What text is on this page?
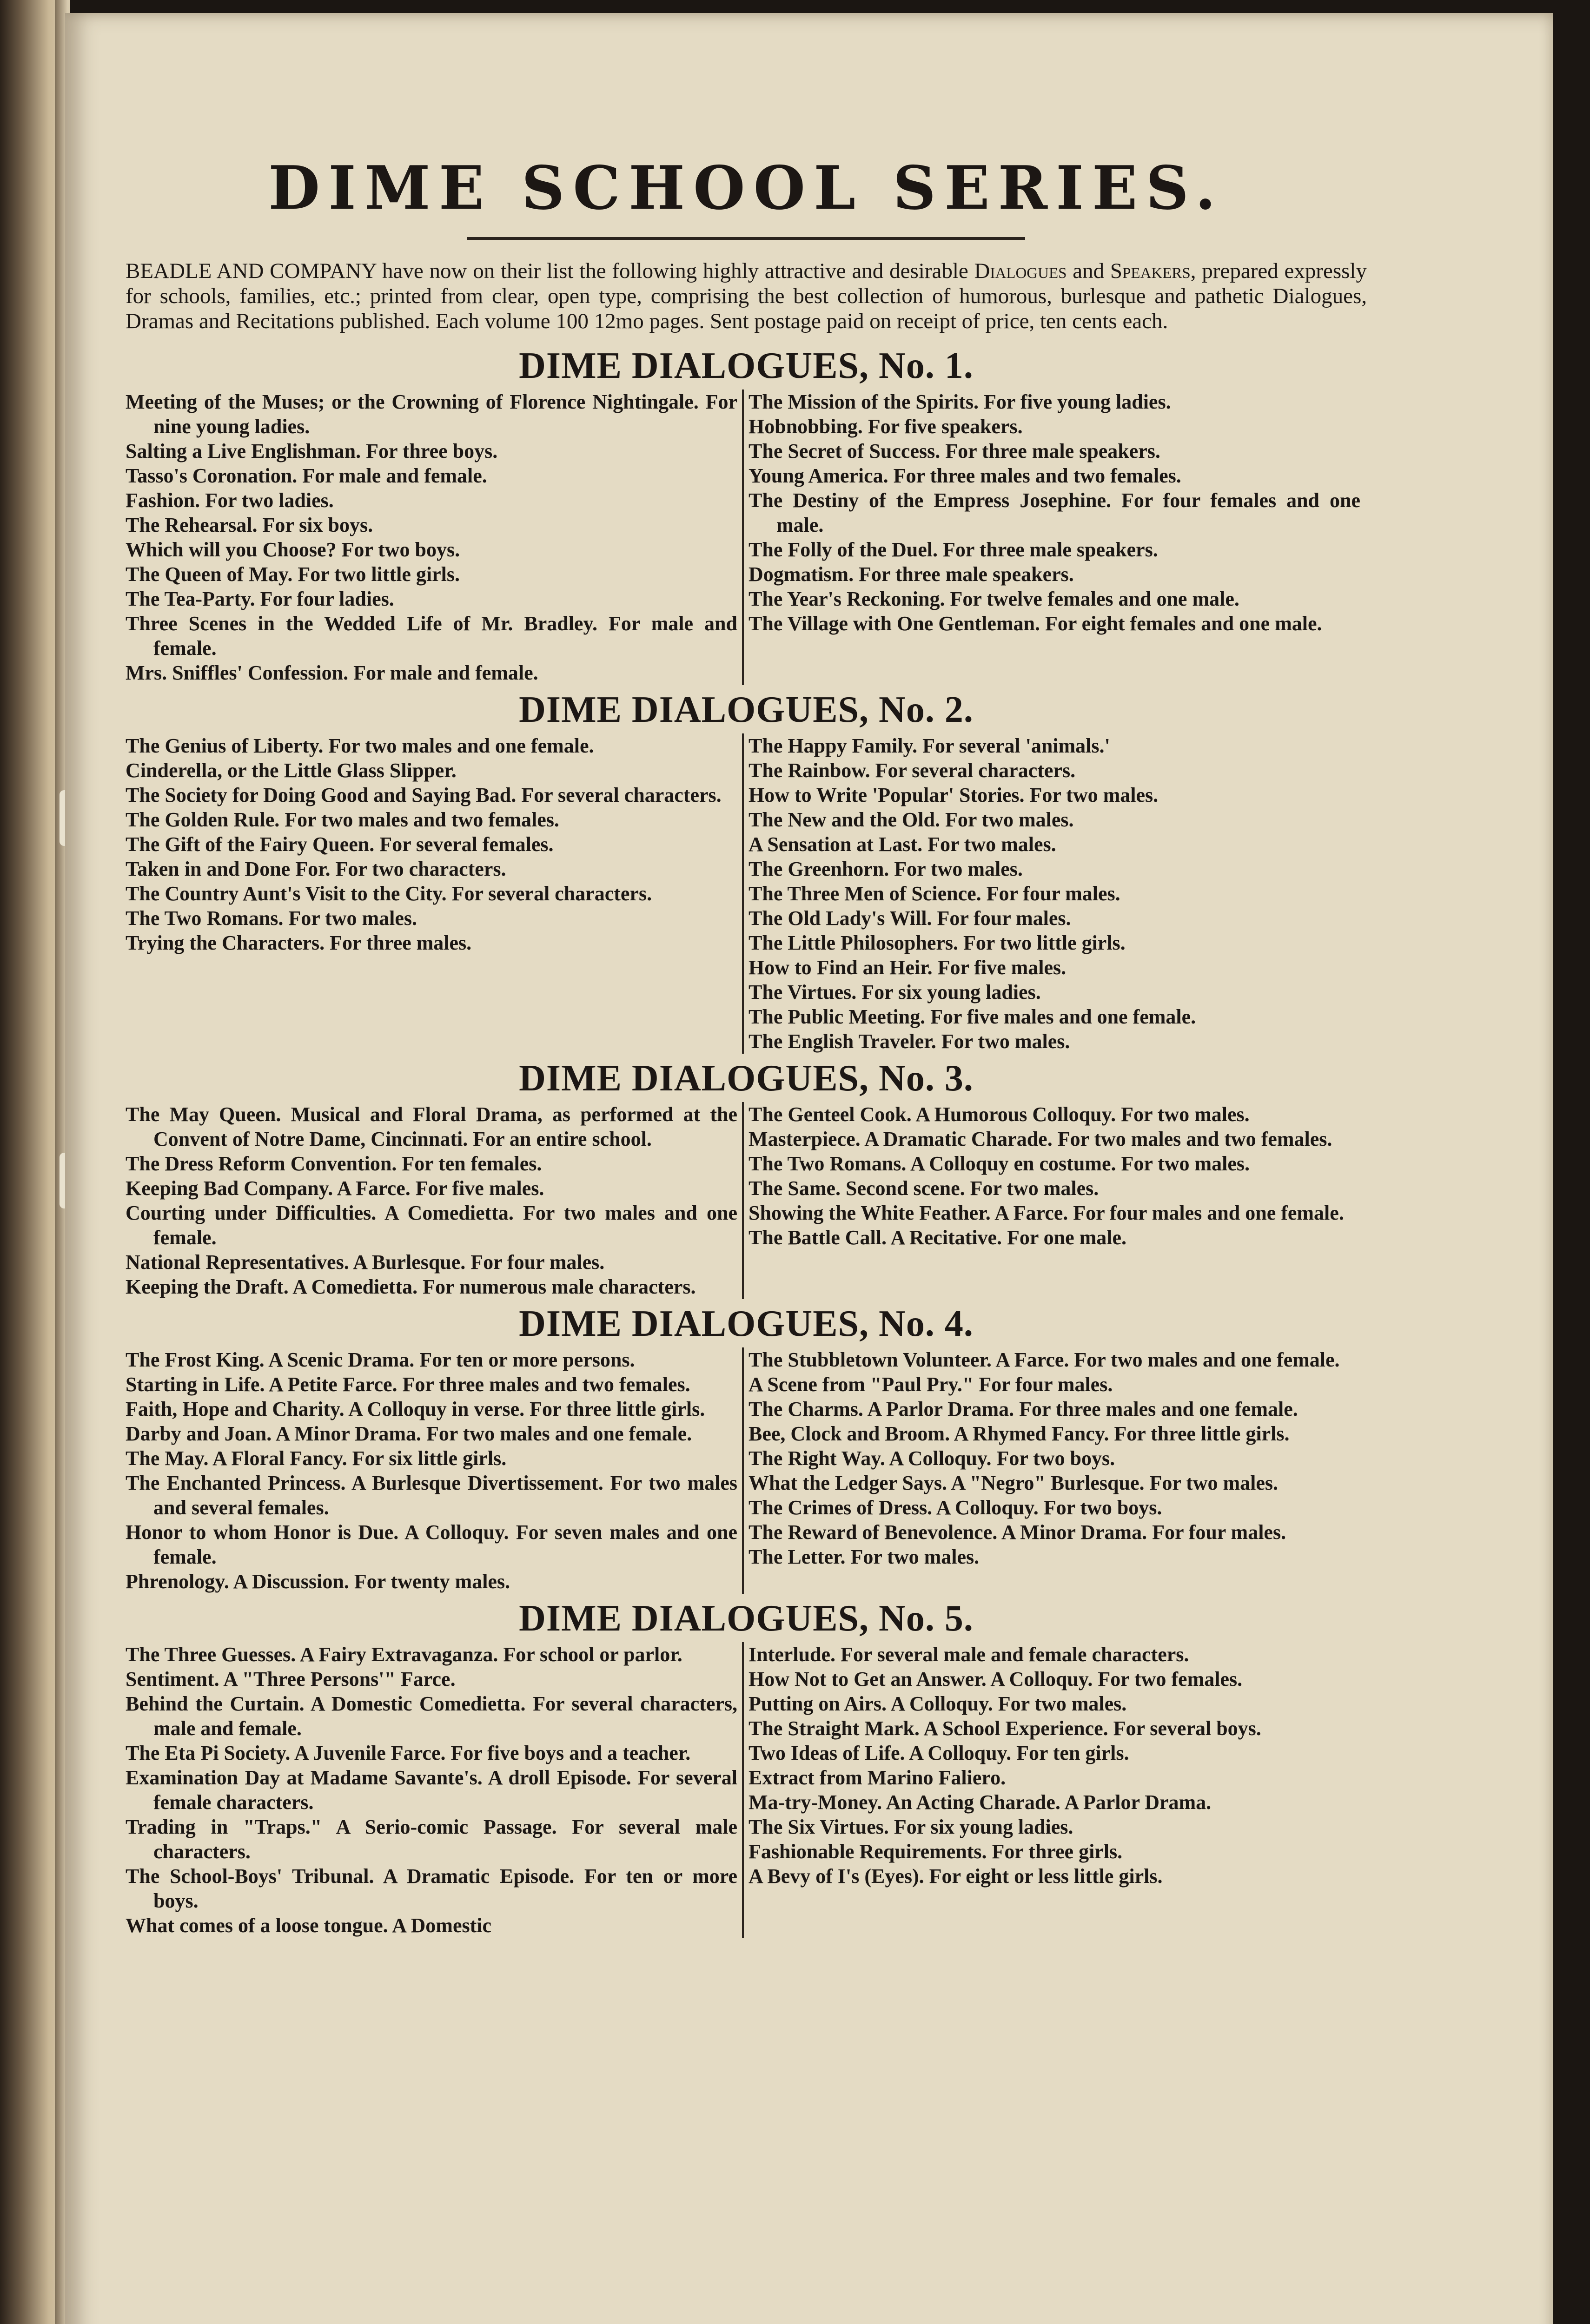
DIME SCHOOL SERIES.

BEADLE AND COMPANY have now on their list the following highly attractive and desirable Dialogues and Speakers, prepared expressly for schools, families, etc.; printed from clear, open type, comprising the best collection of humorous, burlesque and pathetic Dialogues, Dramas and Recitations published. Each volume 100 12mo pages. Sent postage paid on receipt of price, ten cents each.

DIME DIALOGUES, No. 1.
Meeting of the Muses; or the Crowning of Florence Nightingale. For nine young ladies.
Salting a Live Englishman. For three boys.
Tasso's Coronation. For male and female.
Fashion. For two ladies.
The Rehearsal. For six boys.
Which will you Choose? For two boys.
The Queen of May. For two little girls.
The Tea-Party. For four ladies.
Three Scenes in the Wedded Life of Mr. Bradley. For male and female.
Mrs. Sniffles' Confession. For male and female.
The Mission of the Spirits. For five young ladies.
Hobnobbing. For five speakers.
The Secret of Success. For three male speakers.
Young America. For three males and two females.
The Destiny of the Empress Josephine. For four females and one male.
The Folly of the Duel. For three male speakers.
Dogmatism. For three male speakers.
The Year's Reckoning. For twelve females and one male.
The Village with One Gentleman. For eight females and one male.
DIME DIALOGUES, No. 2.
The Genius of Liberty. For two males and one female.
Cinderella, or the Little Glass Slipper.
The Society for Doing Good and Saying Bad. For several characters.
The Golden Rule. For two males and two females.
The Gift of the Fairy Queen. For several females.
Taken in and Done For. For two characters.
The Country Aunt's Visit to the City. For several characters.
The Two Romans. For two males.
Trying the Characters. For three males.
The Happy Family. For several 'animals.'
The Rainbow. For several characters.
How to Write 'Popular' Stories. For two males.
The New and the Old. For two males.
A Sensation at Last. For two males.
The Greenhorn. For two males.
The Three Men of Science. For four males.
The Old Lady's Will. For four males.
The Little Philosophers. For two little girls.
How to Find an Heir. For five males.
The Virtues. For six young ladies.
The Public Meeting. For five males and one female.
The English Traveler. For two males.
DIME DIALOGUES, No. 3.
The May Queen. Musical and Floral Drama, as performed at the Convent of Notre Dame, Cincinnati. For an entire school.
The Dress Reform Convention. For ten females.
Keeping Bad Company. A Farce. For five males.
Courting under Difficulties. A Comedietta. For two males and one female.
National Representatives. A Burlesque. For four males.
Keeping the Draft. A Comedietta. For numerous male characters.
The Genteel Cook. A Humorous Colloquy. For two males.
Masterpiece. A Dramatic Charade. For two males and two females.
The Two Romans. A Colloquy en costume. For two males.
The Same. Second scene. For two males.
Showing the White Feather. A Farce. For four males and one female.
The Battle Call. A Recitative. For one male.
DIME DIALOGUES, No. 4.
The Frost King. A Scenic Drama. For ten or more persons.
Starting in Life. A Petite Farce. For three males and two females.
Faith, Hope and Charity. A Colloquy in verse. For three little girls.
Darby and Joan. A Minor Drama. For two males and one female.
The May. A Floral Fancy. For six little girls.
The Enchanted Princess. A Burlesque Divertissement. For two males and several females.
Honor to whom Honor is Due. A Colloquy. For seven males and one female.
Phrenology. A Discussion. For twenty males.
The Stubbletown Volunteer. A Farce. For two males and one female.
A Scene from "Paul Pry." For four males.
The Charms. A Parlor Drama. For three males and one female.
Bee, Clock and Broom. A Rhymed Fancy. For three little girls.
The Right Way. A Colloquy. For two boys.
What the Ledger Says. A "Negro" Burlesque. For two males.
The Crimes of Dress. A Colloquy. For two boys.
The Reward of Benevolence. A Minor Drama. For four males.
The Letter. For two males.
DIME DIALOGUES, No. 5.
The Three Guesses. A Fairy Extravaganza. For school or parlor.
Sentiment. A "Three Persons'" Farce.
Behind the Curtain. A Domestic Comedietta. For several characters, male and female.
The Eta Pi Society. A Juvenile Farce. For five boys and a teacher.
Examination Day at Madame Savante's. A droll Episode. For several female characters.
Trading in "Traps." A Serio-comic Passage. For several male characters.
The School-Boys' Tribunal. A Dramatic Episode. For ten or more boys.
What comes of a loose tongue. A Domestic
Interlude. For several male and female characters.
How Not to Get an Answer. A Colloquy. For two females.
Putting on Airs. A Colloquy. For two males.
The Straight Mark. A School Experience. For several boys.
Two Ideas of Life. A Colloquy. For ten girls.
Extract from Marino Faliero.
Ma-try-Money. An Acting Charade. A Parlor Drama.
The Six Virtues. For six young ladies.
Fashionable Requirements. For three girls.
A Bevy of I's (Eyes). For eight or less little girls.
